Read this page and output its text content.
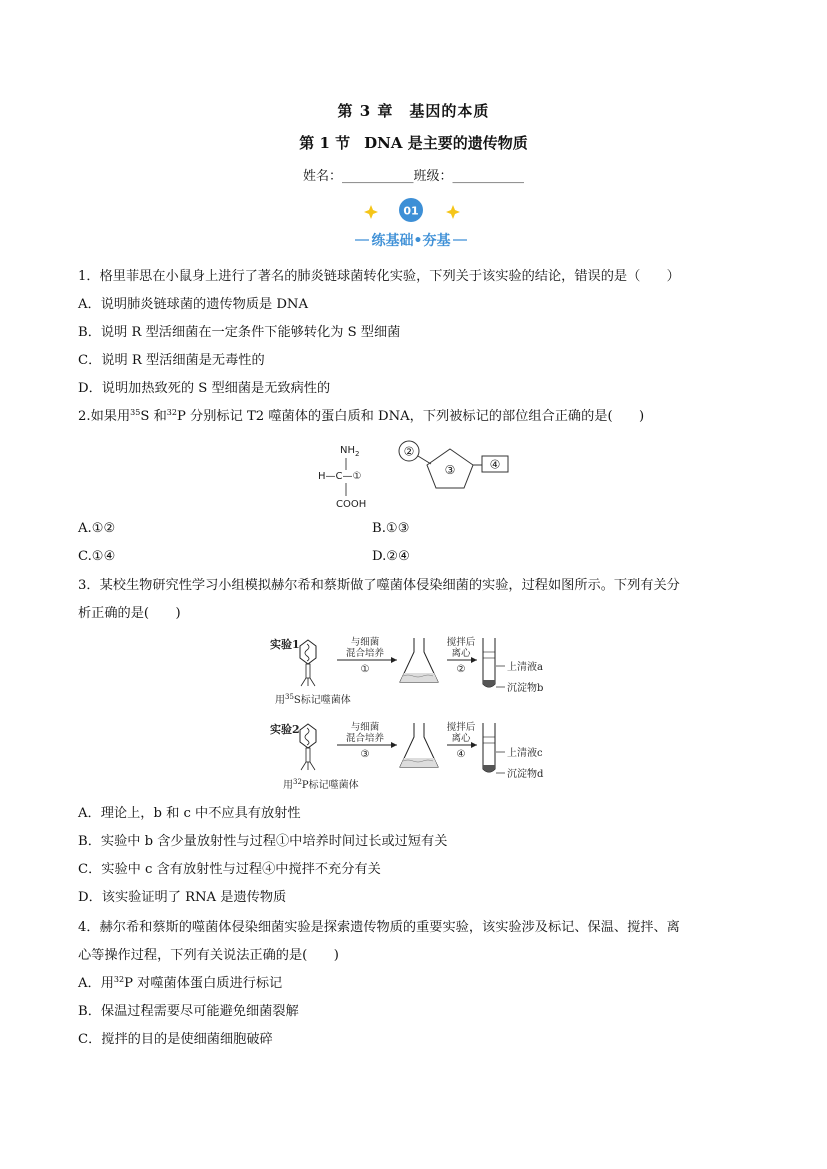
第 3 章　基因的本质
第 1 节 DNA 是主要的遗传物质
姓名：___________班级：___________
01
练基础•夯基
1．格里菲思在小鼠身上进行了著名的肺炎链球菌转化实验，下列关于该实验的结论，错误的是（　　）
A．说明肺炎链球菌的遗传物质是 DNA
B．说明 R 型活细菌在一定条件下能够转化为 S 型细菌
C．说明 R 型活细菌是无毒性的
D．说明加热致死的 S 型细菌是无致病性的
2.如果用$^{35}$S 和$^{32}$P 分别标记 T2 噬菌体的蛋白质和 DNA，下列被标记的部位组合正确的是(　　)
$NH_2$
H—C—①
COOH
②
③	④
A.①②	B.①③
C.①④	D.②④
3．某校生物研究性学习小组模拟赫尔希和蔡斯做了噬菌体侵染细菌的实验，过程如图所示。下列有关分
析正确的是(　　)
实验1	与细菌
混合培养
①
搅拌后
离心
②	上清液a
沉淀物b
用$^{35}$S标记噬菌体
实验2	与细菌
混合培养
③
搅拌后
离心
④	上清液c
沉淀物d
用$^{32}$P标记噬菌体
A．理论上，b 和 c 中不应具有放射性
B．实验中 b 含少量放射性与过程①中培养时间过长或过短有关
C．实验中 c 含有放射性与过程④中搅拌不充分有关
D．该实验证明了 RNA 是遗传物质
4．赫尔希和蔡斯的噬菌体侵染细菌实验是探索遗传物质的重要实验，该实验涉及标记、保温、搅拌、离
心等操作过程，下列有关说法正确的是(　　)
A．用$^{32}$P 对噬菌体蛋白质进行标记
B．保温过程需要尽可能避免细菌裂解
C．搅拌的目的是使细菌细胞破碎
